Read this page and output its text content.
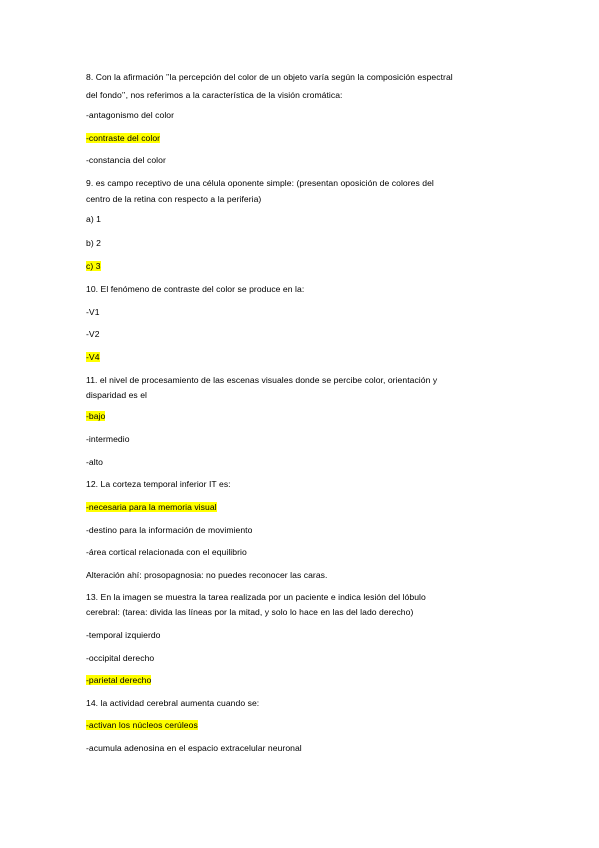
8. Con la afirmación ’’la percepción del color de un objeto varía según la composición espectral
del fondo’’, nos referimos a la característica de la visión cromática:
-antagonismo del color
-contraste del color
-constancia del color
9. es campo receptivo de una célula oponente simple: (presentan oposición de colores del
centro de la retina con respecto a la periferia)
a) 1
b) 2
c) 3
10. El fenómeno de contraste del color se produce en la:
-V1
-V2
-V4
11. el nivel de procesamiento de las escenas visuales donde se percibe color, orientación y
disparidad es el
-bajo
-intermedio
-alto
12. La corteza temporal inferior IT es:
-necesaria para la memoria visual
-destino para la información de movimiento
-área cortical relacionada con el equilibrio
Alteración ahí: prosopagnosia: no puedes reconocer las caras.
13. En la imagen se muestra la tarea realizada por un paciente e indica lesión del lóbulo
cerebral: (tarea: divida las líneas por la mitad, y solo lo hace en las del lado derecho)
-temporal izquierdo
-occipital derecho
-parietal derecho
14. la actividad cerebral aumenta cuando se:
-activan los núcleos cerúleos
-acumula adenosina en el espacio extracelular neuronal
